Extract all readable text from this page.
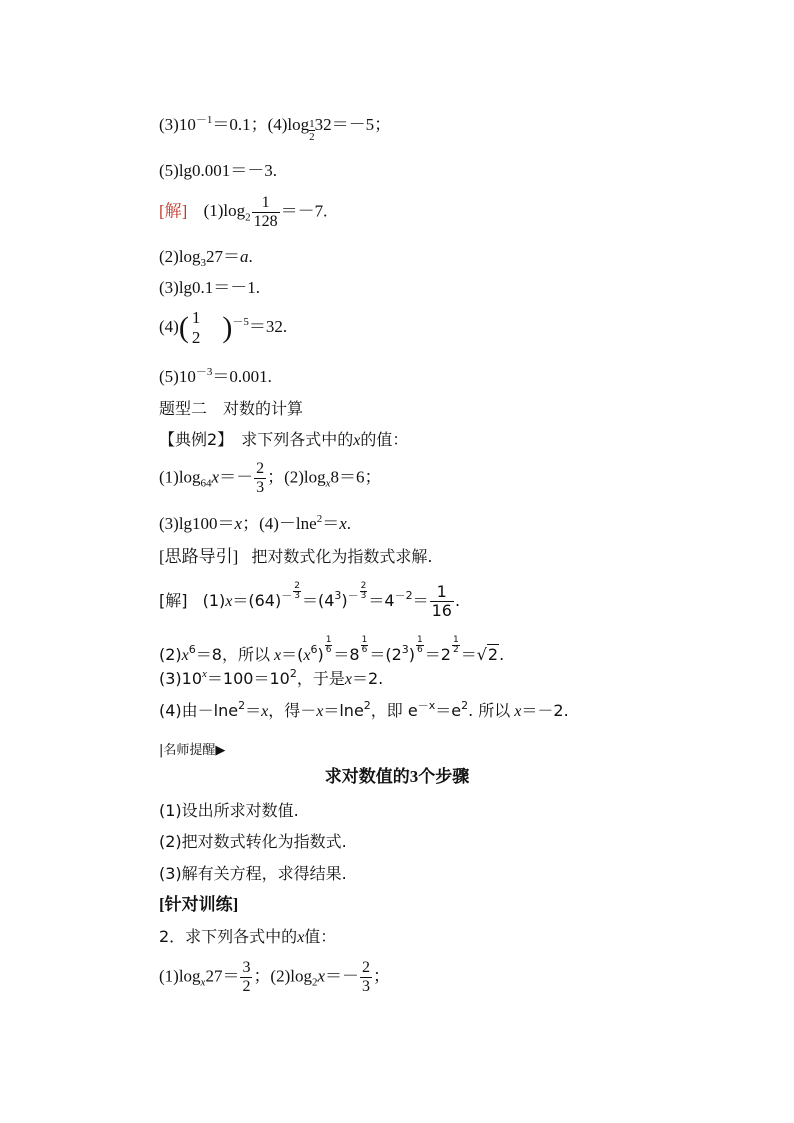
$(3)10^{-1}=0.1$；$(4)\log \frac{1}{2} 32=-5$；
(5)lg0.001＝－3.
[解] $(1)\log_2 \frac{1}{128} =-7$.
$(2)\log_327=a$.
(3)lg0.1＝－1.
(4)( 1
2 )$^{-5}$＝32.
$(5)10^{-3}=0.001$.
题型二　对数的计算
【典例2】　求下列各式中的x的值：
$(1)\log_{64}x=- \frac{2}{3}$ ；$(2)\log_x8=6$；
(3)lg100＝x；(4)－lne$^2$＝x.
[思路导引] 把对数式化为指数式求解.
[解] $(1)x=(64)^- \frac{2}{3} =(4^3)^- \frac{2}{3} =4^{-2}= \frac{1}{16}$ .
$(2)x^6=8$，所以 $x=(x^6) \frac{1}{6} =8 \frac{1}{6} =(2^3) \frac{1}{6} =2 \frac{1}{2} =√2$.
$(3)10^x=100=10^2$，于是x＝2.
(4)由－lne$^2$＝x，得－x＝lne$^2$，即 $e^{-x}=e^2$. 所以 x＝－2.
|名师提醒▶
求对数值的3个步骤
(1)设出所求对数值.
(2)把对数式转化为指数式.
(3)解有关方程，求得结果.
[针对训练]
2．求下列各式中的x值：
$(1)\log_x27= \frac{3}{2}$ ；$(2)\log_2x=- \frac{2}{3}$ ；
